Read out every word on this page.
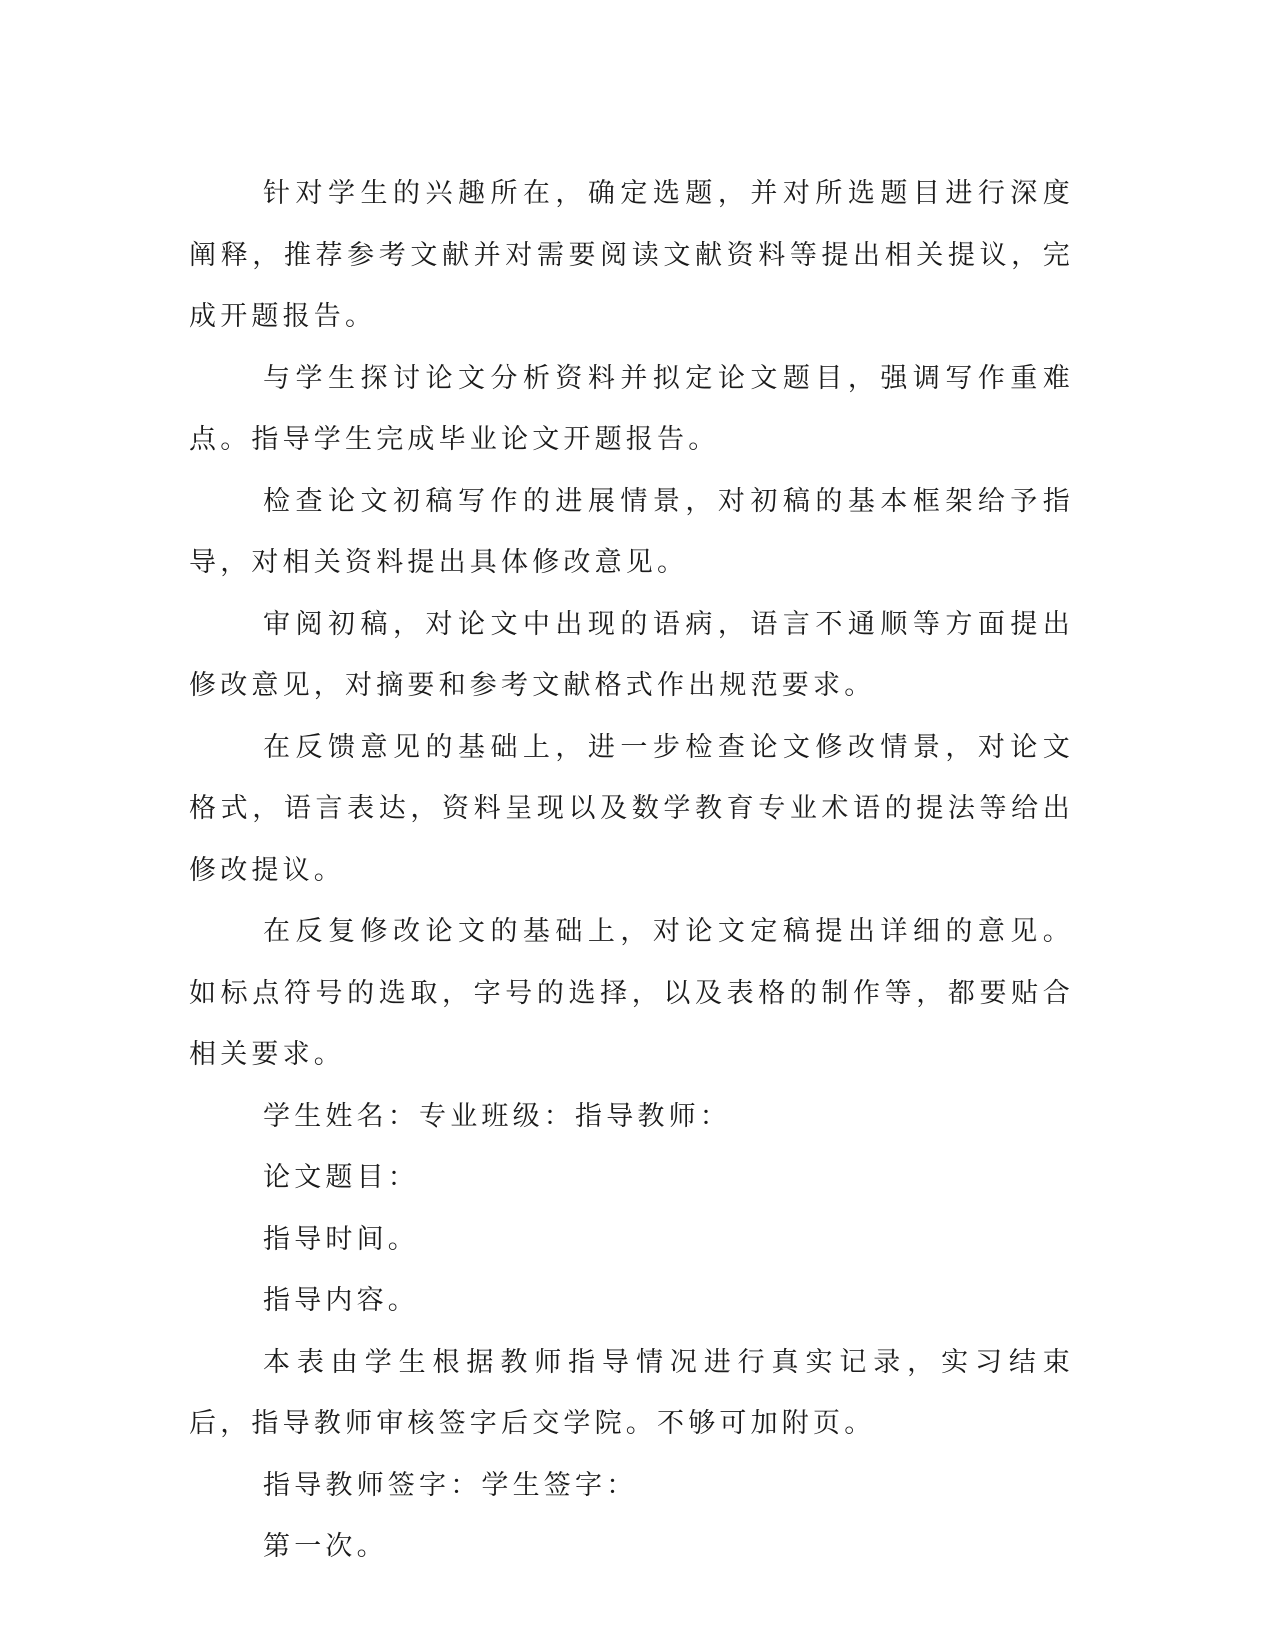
针对学生的兴趣所在，确定选题，并对所选题目进行深度阐释，推荐参考文献并对需要阅读文献资料等提出相关提议，完成开题报告。

与学生探讨论文分析资料并拟定论文题目，强调写作重难点。指导学生完成毕业论文开题报告。

检查论文初稿写作的进展情景，对初稿的基本框架给予指导，对相关资料提出具体修改意见。

审阅初稿，对论文中出现的语病，语言不通顺等方面提出修改意见，对摘要和参考文献格式作出规范要求。

在反馈意见的基础上，进一步检查论文修改情景，对论文格式，语言表达，资料呈现以及数学教育专业术语的提法等给出修改提议。

在反复修改论文的基础上，对论文定稿提出详细的意见。如标点符号的选取，字号的选择，以及表格的制作等，都要贴合相关要求。

学生姓名：专业班级：指导教师：

论文题目：

指导时间。

指导内容。

本表由学生根据教师指导情况进行真实记录，实习结束后，指导教师审核签字后交学院。不够可加附页。

指导教师签字：学生签字：

第一次。
